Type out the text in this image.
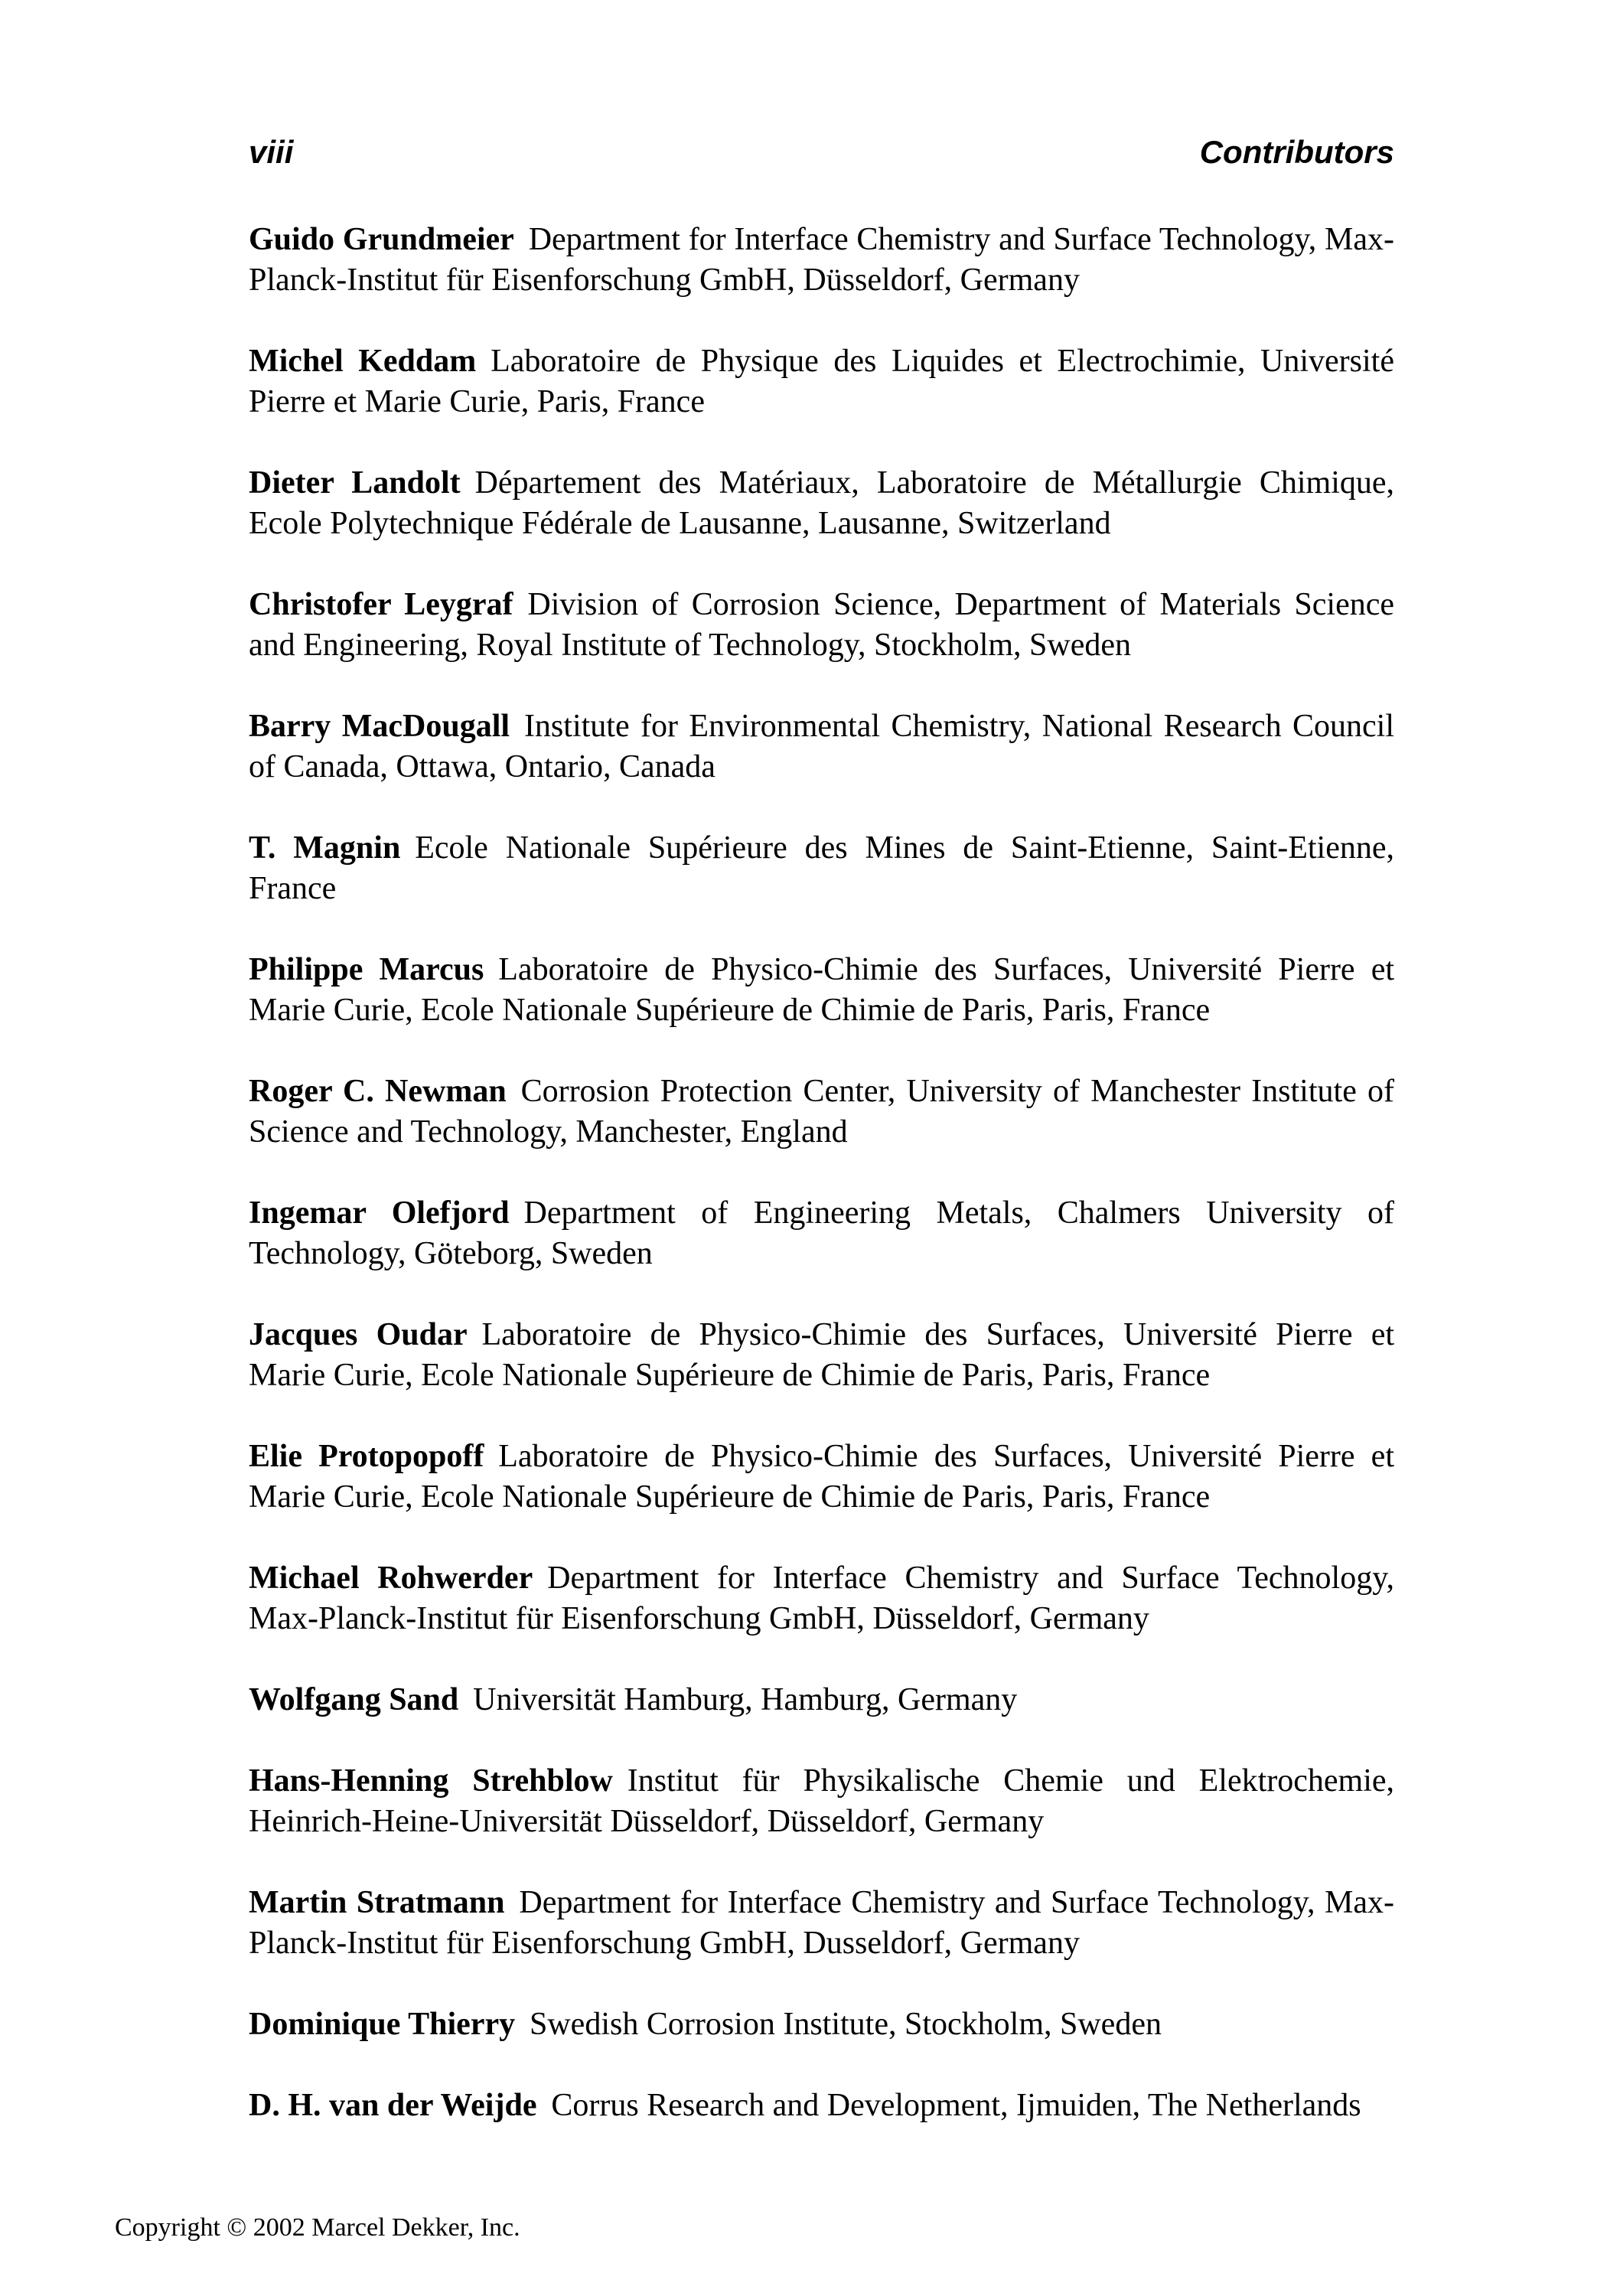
viii	Contributors

Guido Grundmeier Department for Interface Chemistry and Surface Technology, Max-Planck-Institut für Eisenforschung GmbH, Düsseldorf, Germany

Michel Keddam Laboratoire de Physique des Liquides et Electrochimie, Université Pierre et Marie Curie, Paris, France

Dieter Landolt Département des Matériaux, Laboratoire de Métallurgie Chimique, Ecole Polytechnique Fédérale de Lausanne, Lausanne, Switzerland

Christofer Leygraf Division of Corrosion Science, Department of Materials Science and Engineering, Royal Institute of Technology, Stockholm, Sweden

Barry MacDougall Institute for Environmental Chemistry, National Research Council of Canada, Ottawa, Ontario, Canada

T. Magnin Ecole Nationale Supérieure des Mines de Saint-Etienne, Saint-Etienne, France

Philippe Marcus Laboratoire de Physico-Chimie des Surfaces, Université Pierre et Marie Curie, Ecole Nationale Supérieure de Chimie de Paris, Paris, France

Roger C. Newman Corrosion Protection Center, University of Manchester Institute of Science and Technology, Manchester, England

Ingemar Olefjord Department of Engineering Metals, Chalmers University of Technology, Göteborg, Sweden

Jacques Oudar Laboratoire de Physico-Chimie des Surfaces, Université Pierre et Marie Curie, Ecole Nationale Supérieure de Chimie de Paris, Paris, France

Elie Protopopoff Laboratoire de Physico-Chimie des Surfaces, Université Pierre et Marie Curie, Ecole Nationale Supérieure de Chimie de Paris, Paris, France

Michael Rohwerder Department for Interface Chemistry and Surface Technology, Max-Planck-Institut für Eisenforschung GmbH, Düsseldorf, Germany

Wolfgang Sand Universität Hamburg, Hamburg, Germany

Hans-Henning Strehblow Institut für Physikalische Chemie und Elektrochemie, Heinrich-Heine-Universität Düsseldorf, Düsseldorf, Germany

Martin Stratmann Department for Interface Chemistry and Surface Technology, Max-Planck-Institut für Eisenforschung GmbH, Dusseldorf, Germany

Dominique Thierry Swedish Corrosion Institute, Stockholm, Sweden

D. H. van der Weijde Corrus Research and Development, Ijmuiden, The Netherlands

Copyright © 2002 Marcel Dekker, Inc.
